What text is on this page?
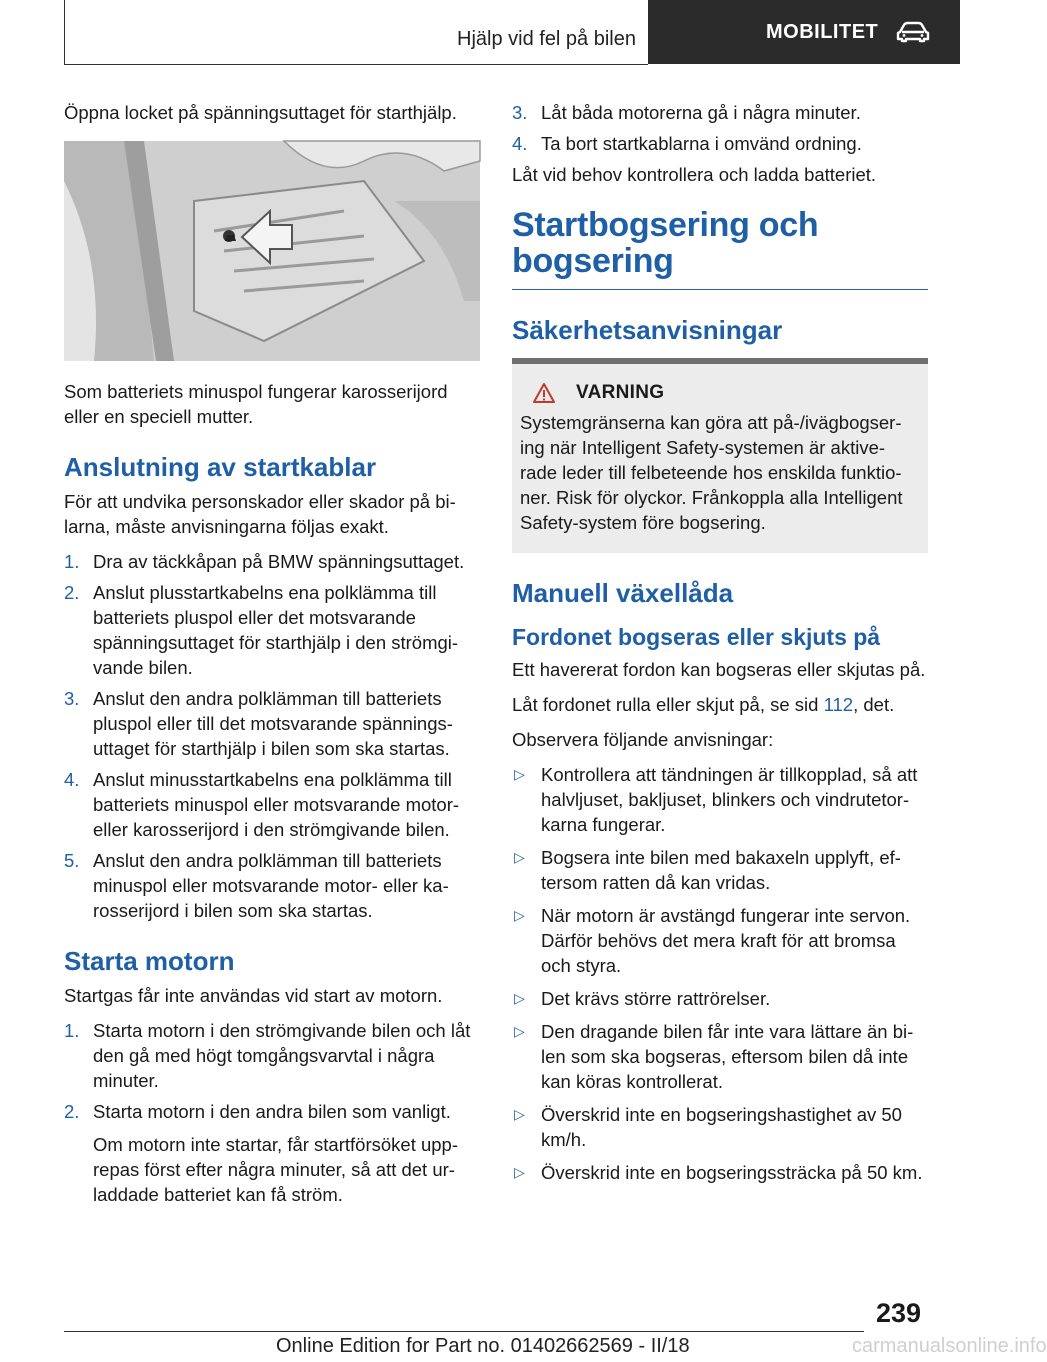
Hjälp vid fel på bilen	MOBILITET

Öppna locket på spänningsuttaget för starthjälp.

Som batteriets minuspol fungerar karosserijord eller en speciell mutter.

Anslutning av startkablar

För att undvika personskador eller skador på bi-larna, måste anvisningarna följas exakt.

1. Dra av täckkåpan på BMW spänningsuttaget.
2. Anslut plusstartkabelns ena polklämma till batteriets pluspol eller det motsvarande spänningsuttaget för starthjälp i den strömgi-vande bilen.
3. Anslut den andra polklämman till batteriets pluspol eller till det motsvarande spännings-uttaget för starthjälp i bilen som ska startas.
4. Anslut minusstartkabelns ena polklämma till batteriets minuspol eller motsvarande motor- eller karosserijord i den strömgivande bilen.
5. Anslut den andra polklämman till batteriets minuspol eller motsvarande motor- eller ka-rosserijord i bilen som ska startas.
Starta motorn

Startgas får inte användas vid start av motorn.

1. Starta motorn i den strömgivande bilen och låt den gå med högt tomgångsvarvtal i några minuter.
2. Starta motorn i den andra bilen som vanligt.
Om motorn inte startar, får startförsöket upp-repas först efter några minuter, så att det ur-laddade batteriet kan få ström.
3. Låt båda motorerna gå i några minuter.
4. Ta bort startkablarna i omvänd ordning.

Låt vid behov kontrollera och ladda batteriet.

Startbogsering och bogsering
Säkerhetsanvisningar
VARNING

Systemgränserna kan göra att på-/ivägbogser-ing när Intelligent Safety-systemen är aktive-rade leder till felbeteende hos enskilda funktio-ner. Risk för olyckor. Frånkoppla alla Intelligent Safety-system före bogsering.

Manuell växellåda
Fordonet bogseras eller skjuts på

Ett havererat fordon kan bogseras eller skjutas på.

Låt fordonet rulla eller skjut på, se sid 112, det.

Observera följande anvisningar:

▷ Kontrollera att tändningen är tillkopplad, så att halvljuset, bakljuset, blinkers och vindrutetor-karna fungerar.
▷ Bogsera inte bilen med bakaxeln upplyft, ef-tersom ratten då kan vridas.
▷ När motorn är avstängd fungerar inte servon. Därför behövs det mera kraft för att bromsa och styra.
▷ Det krävs större rattrörelser.
▷ Den dragande bilen får inte vara lättare än bi-len som ska bogseras, eftersom bilen då inte kan köras kontrollerat.
▷ Överskrid inte en bogseringshastighet av 50 km/h.
▷ Överskrid inte en bogseringssträcka på 50 km.
239
Online Edition for Part no. 01402662569 - II/18	carmanualsonline.info
